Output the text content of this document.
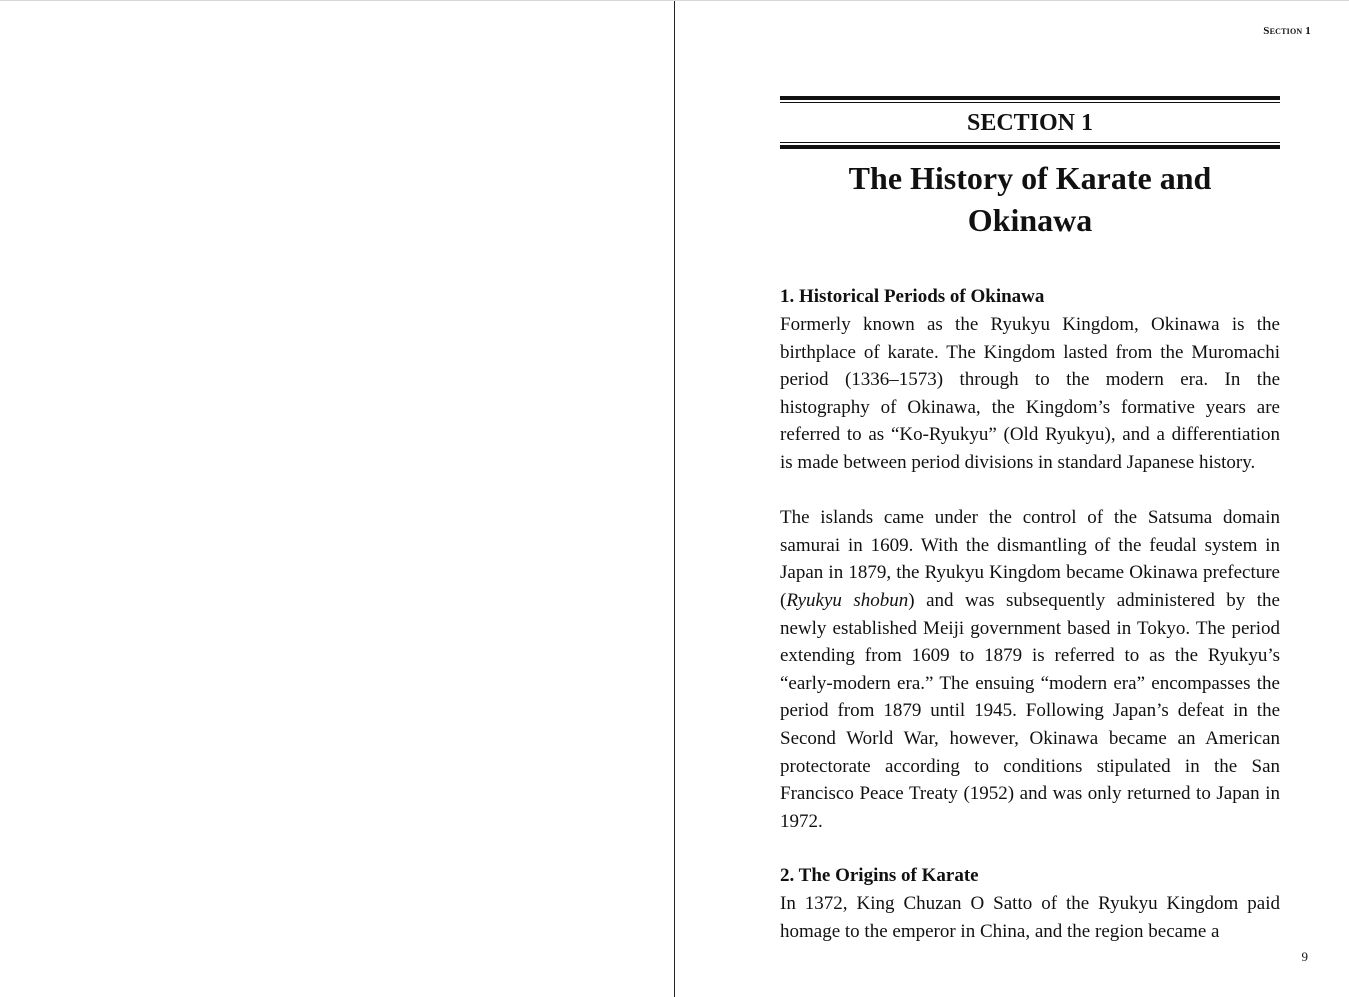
Section 1
SECTION 1
The History of Karate and Okinawa
1. Historical Periods of Okinawa

Formerly known as the Ryukyu Kingdom, Okinawa is the birthplace of karate. The Kingdom lasted from the Muromachi period (1336–1573) through to the modern era. In the histography of Okinawa, the Kingdom’s formative years are referred to as “Ko-Ryukyu” (Old Ryukyu), and a differentiation is made between period divisions in standard Japanese history.

The islands came under the control of the Satsuma domain samurai in 1609. With the dismantling of the feudal system in Japan in 1879, the Ryukyu Kingdom became Okinawa prefecture (Ryukyu shobun) and was subsequently administered by the newly established Meiji government based in Tokyo. The period extending from 1609 to 1879 is referred to as the Ryukyu’s “early-modern era.” The ensuing “modern era” encompasses the period from 1879 until 1945. Following Japan’s defeat in the Second World War, however, Okinawa became an American protectorate according to conditions stipulated in the San Francisco Peace Treaty (1952) and was only returned to Japan in 1972.

2. The Origins of Karate

In 1372, King Chuzan O Satto of the Ryukyu Kingdom paid homage to the emperor in China, and the region became a

9
